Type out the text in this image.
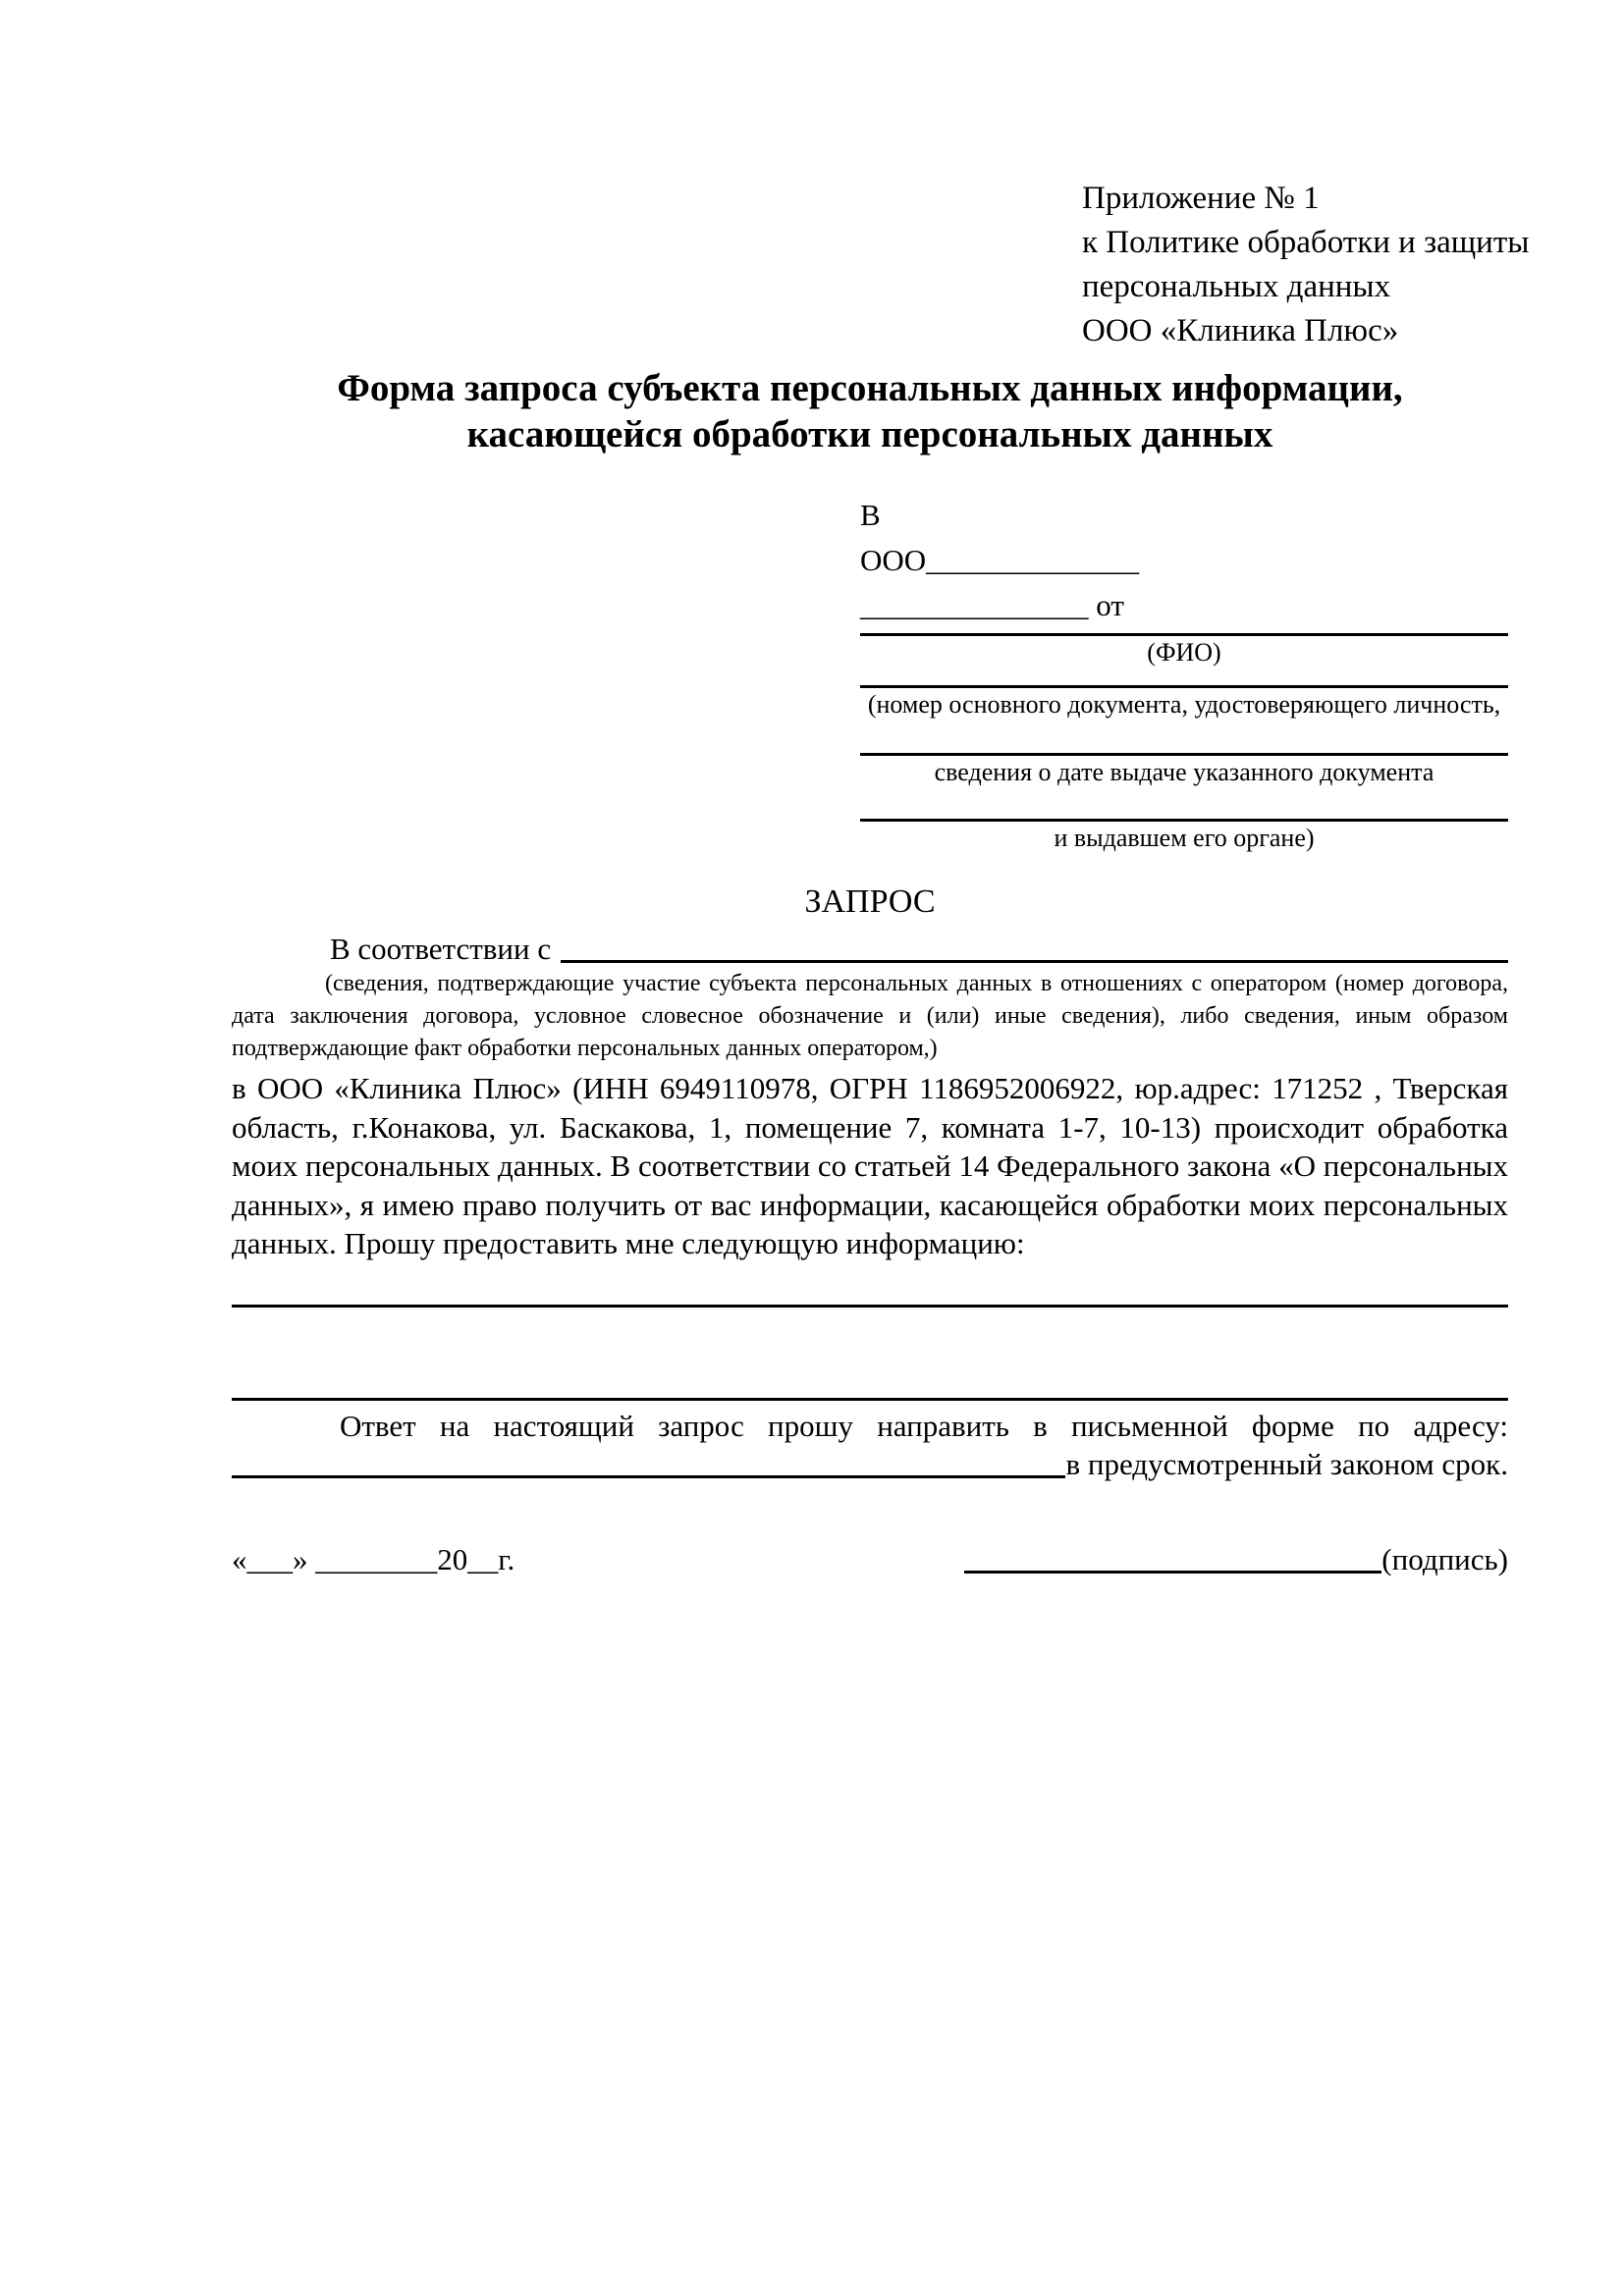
Приложение № 1
к Политике обработки и защиты
персональных данных
ООО «Клиника Плюс»
Форма запроса субъекта персональных данных информации,
касающейся обработки персональных данных
В
ООО______________
_______________ от
(ФИО)
(номер основного документа, удостоверяющего личность,
сведения о дате выдаче указанного документа
и выдавшем его органе)
ЗАПРОС
В соответствии с
(сведения, подтверждающие участие субъекта персональных данных в отношениях с оператором (номер договора, дата заключения договора, условное словесное обозначение и (или) иные сведения), либо сведения, иным образом подтверждающие факт обработки персональных данных оператором,)

в ООО «Клиника Плюс» (ИНН 6949110978, ОГРН 1186952006922, юр.адрес: 171252 , Тверская область, г.Конакова, ул. Баскакова, 1, помещение 7, комната 1-7, 10-13) происходит обработка моих персональных данных. В соответствии со статьей 14 Федерального закона «О персональных данных», я имею право получить от вас информации, касающейся обработки моих персональных данных. Прошу предоставить мне следующую информацию:

Ответ на настоящий запрос прошу направить в письменной форме по адресу:

в предусмотренный законом срок.
«___» ________20__г.	(подпись)
